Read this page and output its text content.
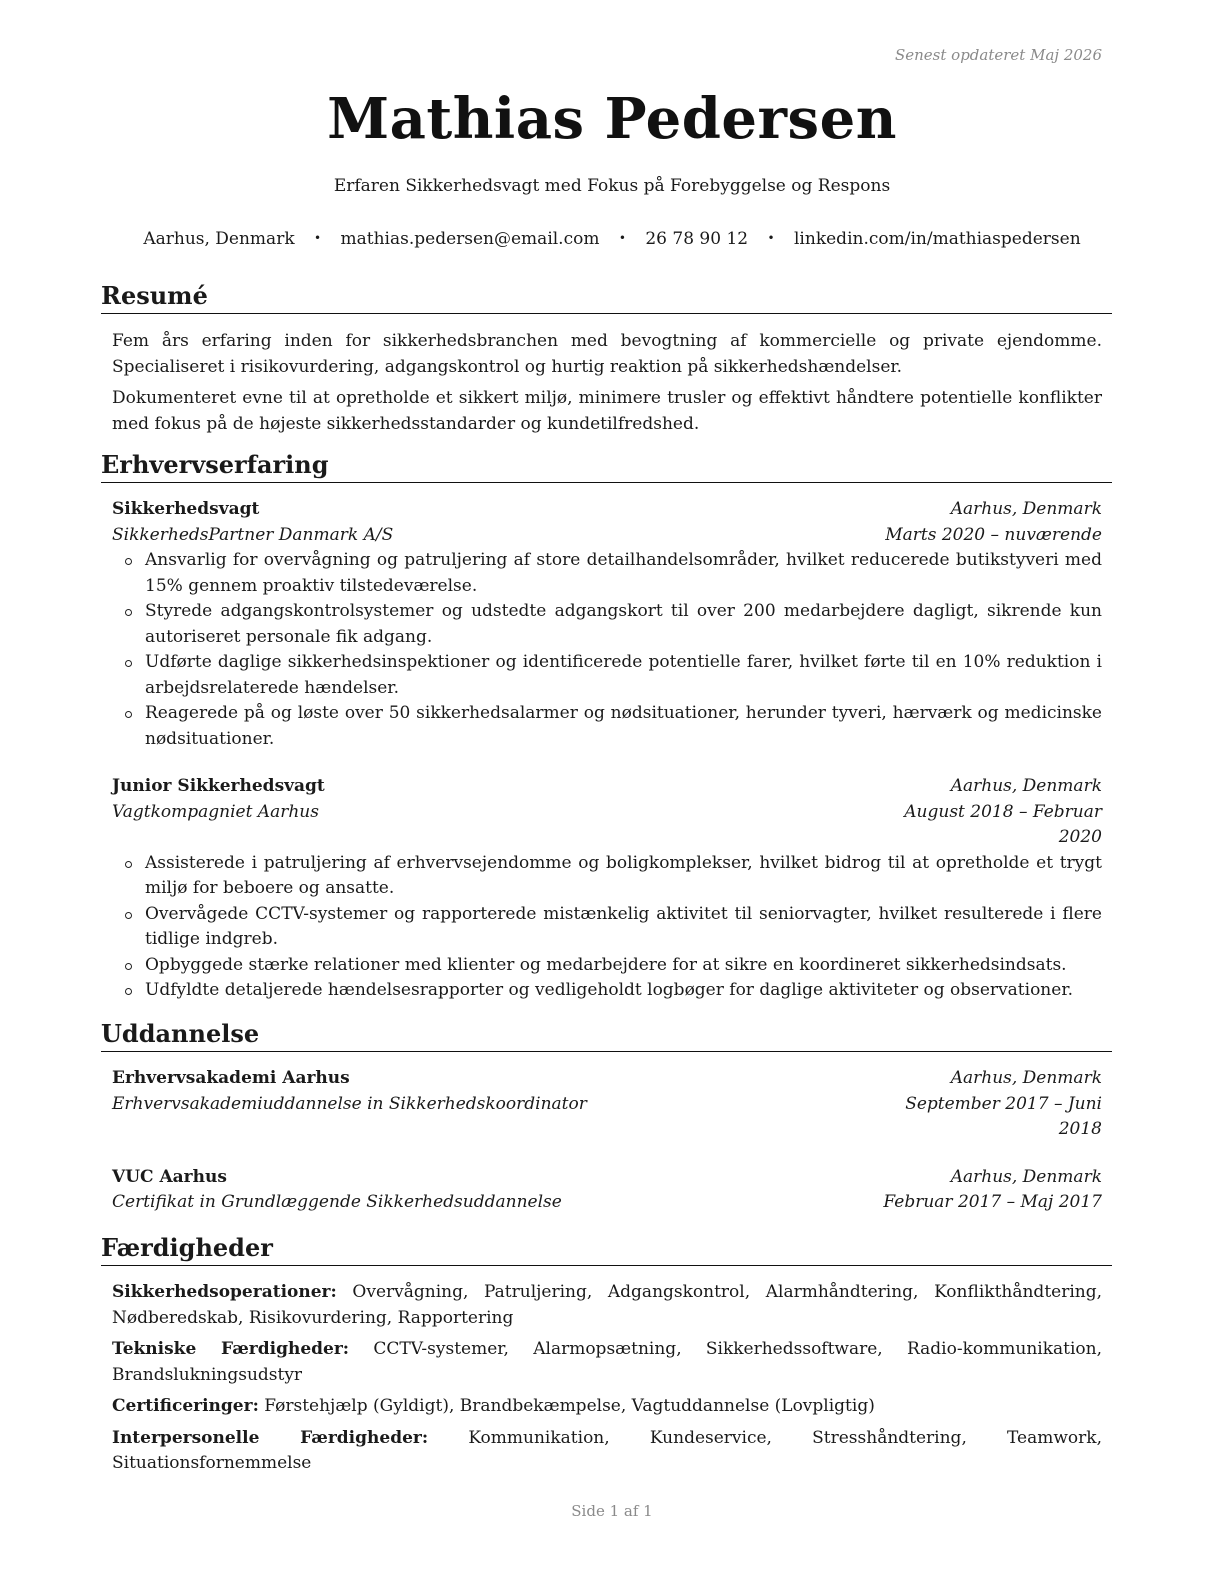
Senest opdateret Maj 2026
Mathias Pedersen
Erfaren Sikkerhedsvagt med Fokus på Forebyggelse og Respons
Aarhus, Denmark • mathias.pedersen@email.com • 26 78 90 12 • linkedin.com/in/mathiaspedersen
Resumé

Fem års erfaring inden for sikkerhedsbranchen med bevogtning af kommercielle og private ejendomme. Specialiseret i risikovurdering, adgangskontrol og hurtig reaktion på sikkerhedshændelser.

Dokumenteret evne til at opretholde et sikkert miljø, minimere trusler og effektivt håndtere potentielle konflikter med fokus på de højeste sikkerhedsstandarder og kundetilfredshed.

Erhvervserfaring
Sikkerhedsvagt	Aarhus, Denmark
SikkerhedsPartner Danmark A/S	Marts 2020 – nuværende
Ansvarlig for overvågning og patruljering af store detailhandelsområder, hvilket reducerede butikstyveri med 15% gennem proaktiv tilstedeværelse.
Styrede adgangskontrolsystemer og udstedte adgangskort til over 200 medarbejdere dagligt, sikrende kun autoriseret personale fik adgang.
Udførte daglige sikkerhedsinspektioner og identificerede potentielle farer, hvilket førte til en 10% reduktion i arbejdsrelaterede hændelser.
Reagerede på og løste over 50 sikkerhedsalarmer og nødsituationer, herunder tyveri, hærværk og medicinske nødsituationer.
Junior Sikkerhedsvagt	Aarhus, Denmark
Vagtkompagniet Aarhus	August 2018 – Februar 2020
Assisterede i patruljering af erhvervsejendomme og boligkomplekser, hvilket bidrog til at opretholde et trygt miljø for beboere og ansatte.
Overvågede CCTV-systemer og rapporterede mistænkelig aktivitet til seniorvagter, hvilket resulterede i flere tidlige indgreb.
Opbyggede stærke relationer med klienter og medarbejdere for at sikre en koordineret sikkerhedsindsats.
Udfyldte detaljerede hændelsesrapporter og vedligeholdt logbøger for daglige aktiviteter og observationer.
Uddannelse
Erhvervsakademi Aarhus	Aarhus, Denmark
Erhvervsakademiuddannelse in Sikkerhedskoordinator	September 2017 – Juni 2018
VUC Aarhus	Aarhus, Denmark
Certifikat in Grundlæggende Sikkerhedsuddannelse	Februar 2017 – Maj 2017
Færdigheder
Sikkerhedsoperationer: Overvågning, Patruljering, Adgangskontrol, Alarmhåndtering, Konflikthåndtering, Nødberedskab, Risikovurdering, Rapportering
Tekniske Færdigheder: CCTV-systemer, Alarmopsætning, Sikkerhedssoftware, Radio-kommunikation, Brandslukningsudstyr
Certificeringer: Førstehjælp (Gyldigt), Brandbekæmpelse, Vagtuddannelse (Lovpligtig)
Interpersonelle Færdigheder: Kommunikation, Kundeservice, Stresshåndtering, Teamwork, Situationsfornemmelse
Side 1 af 1
